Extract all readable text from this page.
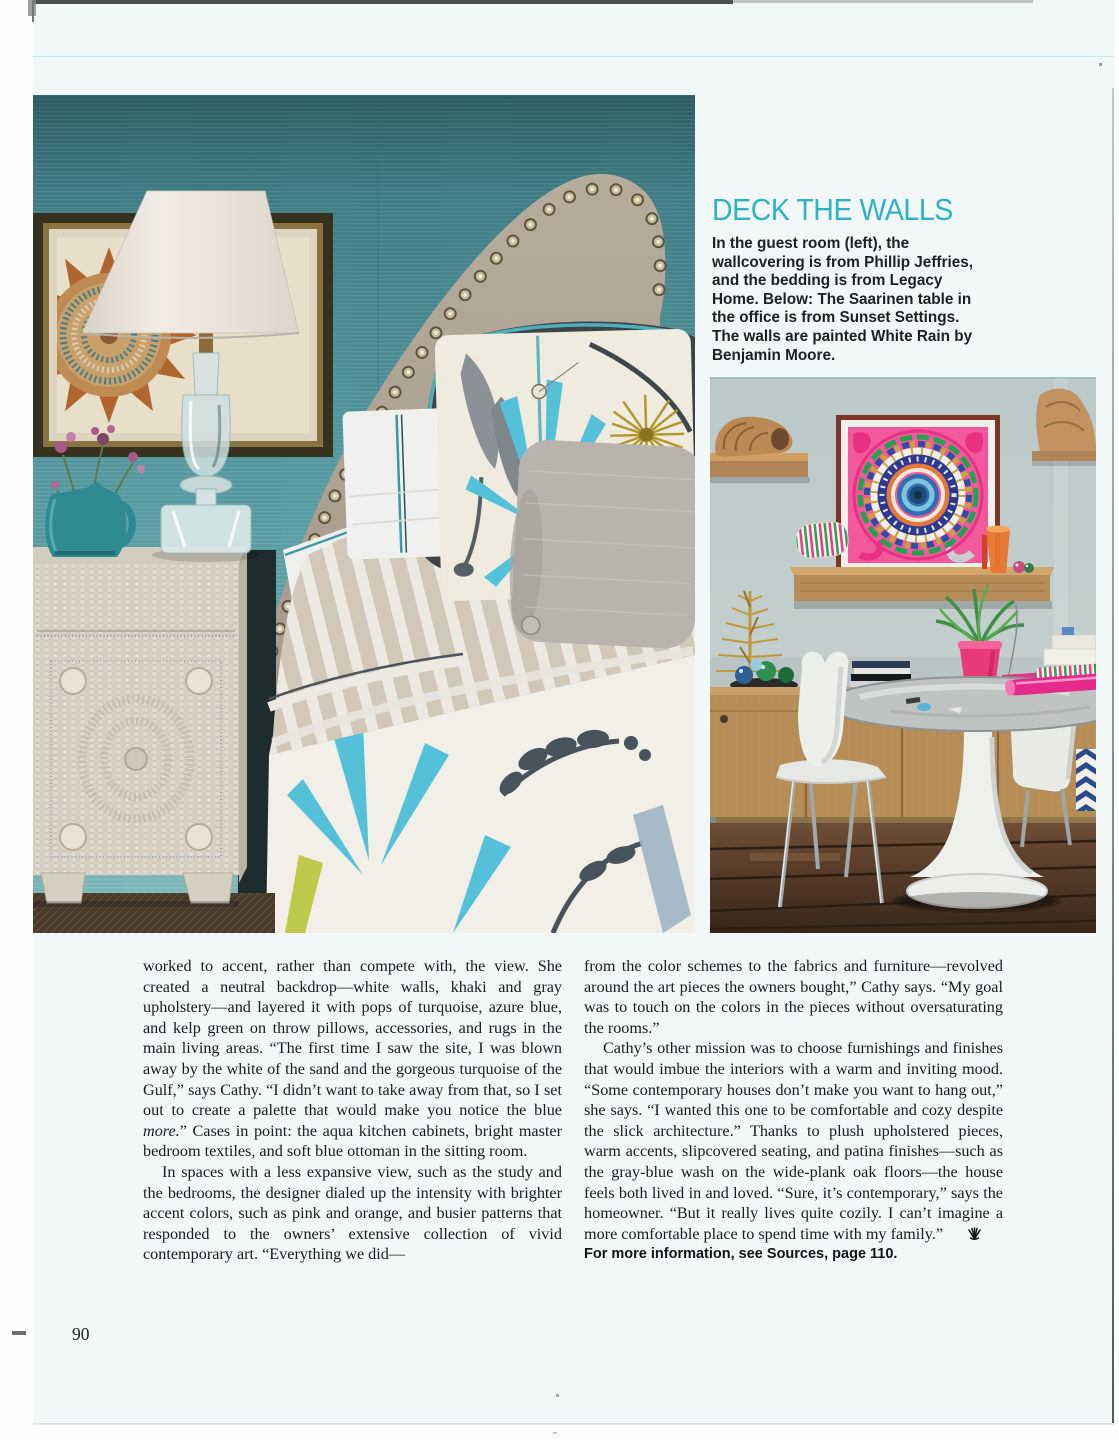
DECK THE WALLS
In the guest room (left), the wallcovering is from Phillip Jeffries, and the bedding is from Legacy Home. Below: The Saarinen table in the office is from Sunset Settings. The walls are painted White Rain by Benjamin Moore.

worked to accent, rather than compete with, the view. She created a neutral backdrop—white walls, khaki and gray upholstery—and layered it with pops of turquoise, azure blue, and kelp green on throw pillows, accessories, and rugs in the main living areas. “The first time I saw the site, I was blown away by the white of the sand and the gorgeous turquoise of the Gulf,” says Cathy. “I didn’t want to take away from that, so I set out to create a palette that would make you notice the blue more.” Cases in point: the aqua kitchen cabinets, bright master bedroom textiles, and soft blue ottoman in the sitting room.

In spaces with a less expansive view, such as the study and the bedrooms, the designer dialed up the intensity with brighter accent colors, such as pink and orange, and busier patterns that responded to the owners’ extensive collection of vivid contemporary art. “Everything we did—

from the color schemes to the fabrics and furniture—revolved around the art pieces the owners bought,” Cathy says. “My goal was to touch on the colors in the pieces without oversaturating the rooms.”

Cathy’s other mission was to choose furnishings and finishes that would imbue the interiors with a warm and inviting mood. “Some contemporary houses don’t make you want to hang out,” she says. “I wanted this one to be comfortable and cozy despite the slick architecture.” Thanks to plush upholstered pieces, warm accents, slipcovered seating, and patina finishes—such as the gray-blue wash on the wide-plank oak floors—the house feels both lived in and loved. “Sure, it’s contemporary,” says the homeowner. “But it really lives quite cozily. I can’t imagine a more comfortable place to spend time with my family.”

For more information, see Sources, page 110.

90
